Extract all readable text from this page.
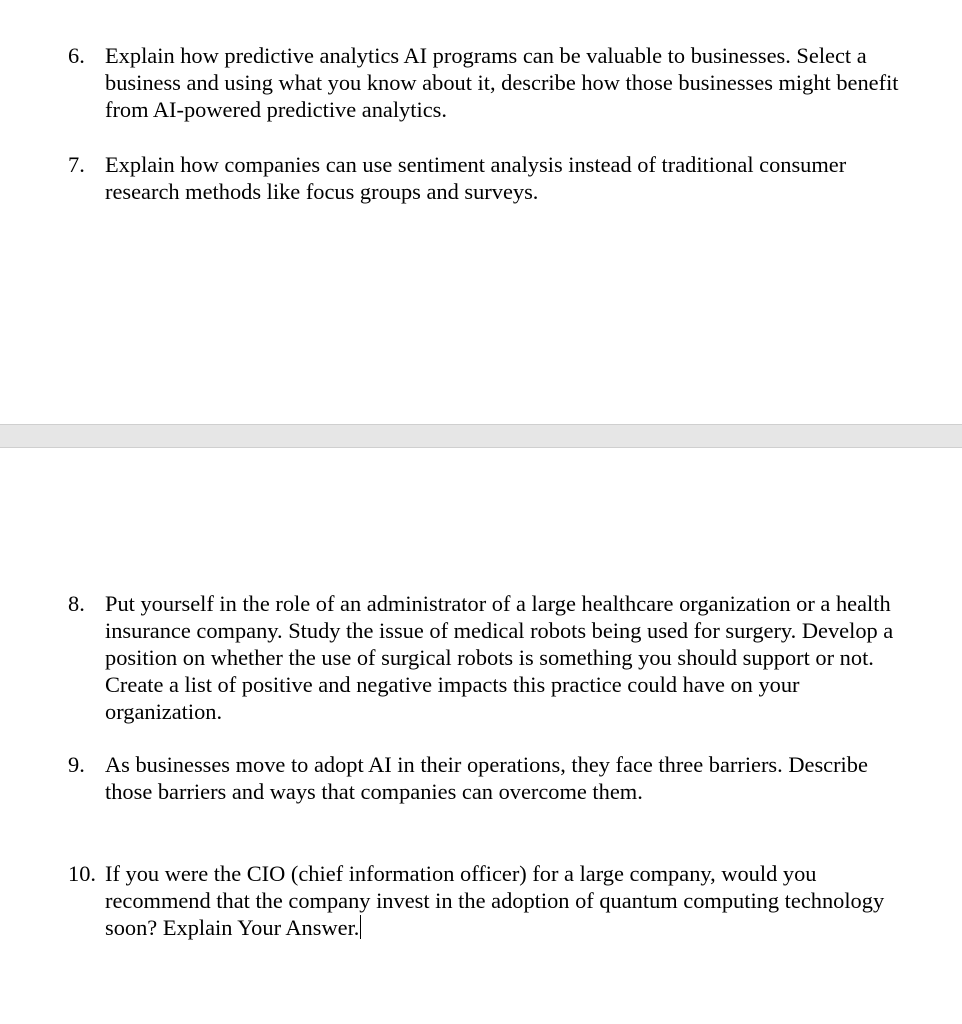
6. Explain how predictive analytics AI programs can be valuable to businesses. Select a
business and using what you know about it, describe how those businesses might benefit
from AI-powered predictive analytics.
7. Explain how companies can use sentiment analysis instead of traditional consumer
research methods like focus groups and surveys.
8. Put yourself in the role of an administrator of a large healthcare organization or a health
insurance company. Study the issue of medical robots being used for surgery. Develop a
position on whether the use of surgical robots is something you should support or not.
Create a list of positive and negative impacts this practice could have on your
organization.
9. As businesses move to adopt AI in their operations, they face three barriers. Describe
those barriers and ways that companies can overcome them.
10. If you were the CIO (chief information officer) for a large company, would you
recommend that the company invest in the adoption of quantum computing technology
soon? Explain Your Answer.
